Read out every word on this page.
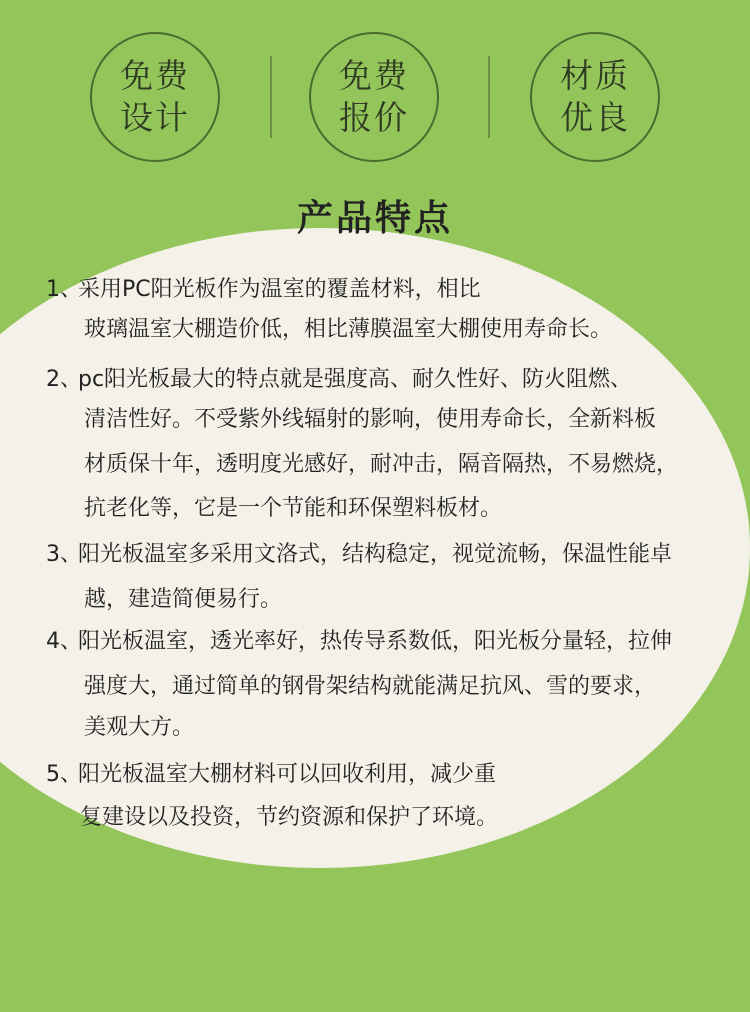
免费
设计
免费
报价
材质
优良
产品特点
1、采用PC阳光板作为温室的覆盖材料，相比
玻璃温室大棚造价低，相比薄膜温室大棚使用寿命长。
2、pc阳光板最大的特点就是强度高、耐久性好、防火阻燃、
清洁性好。不受紫外线辐射的影响，使用寿命长，全新料板
材质保十年，透明度光感好，耐冲击，隔音隔热，不易燃烧，
抗老化等，它是一个节能和环保塑料板材。
3、阳光板温室多采用文洛式，结构稳定，视觉流畅，保温性能卓
越，建造简便易行。
4、阳光板温室，透光率好，热传导系数低，阳光板分量轻，拉伸
强度大，通过简单的钢骨架结构就能满足抗风、雪的要求，
美观大方。
5、阳光板温室大棚材料可以回收利用，减少重
复建设以及投资，节约资源和保护了环境。
